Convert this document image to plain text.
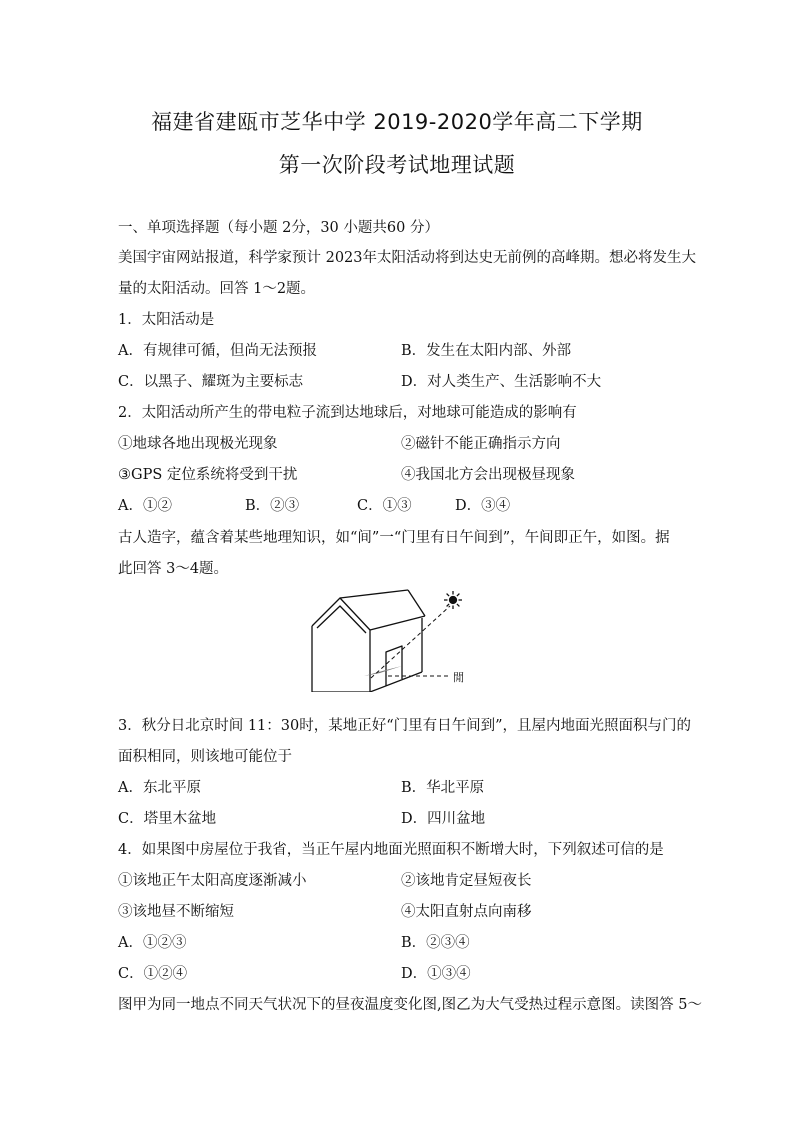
福建省建瓯市芝华中学 2019-2020学年高二下学期
第一次阶段考试地理试题
一、单项选择题（每小题 2分，30 小题共60 分）
美国宇宙网站报道，科学家预计 2023年太阳活动将到达史无前例的高峰期。想必将发生大
量的太阳活动。回答 1～2题。
1．太阳活动是
A．有规律可循，但尚无法预报	B．发生在太阳内部、外部
C．以黑子、耀斑为主要标志	D．对人类生产、生活影响不大
2．太阳活动所产生的带电粒子流到达地球后，对地球可能造成的影响有
①地球各地出现极光现象	②磁针不能正确指示方向
③GPS 定位系统将受到干扰	④我国北方会出现极昼现象
A．①②	B．②③	C．①③	D．③④
古人造字，蕴含着某些地理知识，如“间”一“门里有日午间到”，午间即正午，如图。据
此回答 3～4题。
閒
3．秋分日北京时间 11：30时，某地正好“门里有日午间到”，且屋内地面光照面积与门的
面积相同，则该地可能位于
A．东北平原	B．华北平原
C．塔里木盆地	D．四川盆地
4．如果图中房屋位于我省，当正午屋内地面光照面积不断增大时，下列叙述可信的是
①该地正午太阳高度逐渐减小	②该地肯定昼短夜长
③该地昼不断缩短	④太阳直射点向南移
A．①②③	B．②③④
C．①②④	D．①③④
图甲为同一地点不同天气状况下的昼夜温度变化图,图乙为大气受热过程示意图。读图答 5～
